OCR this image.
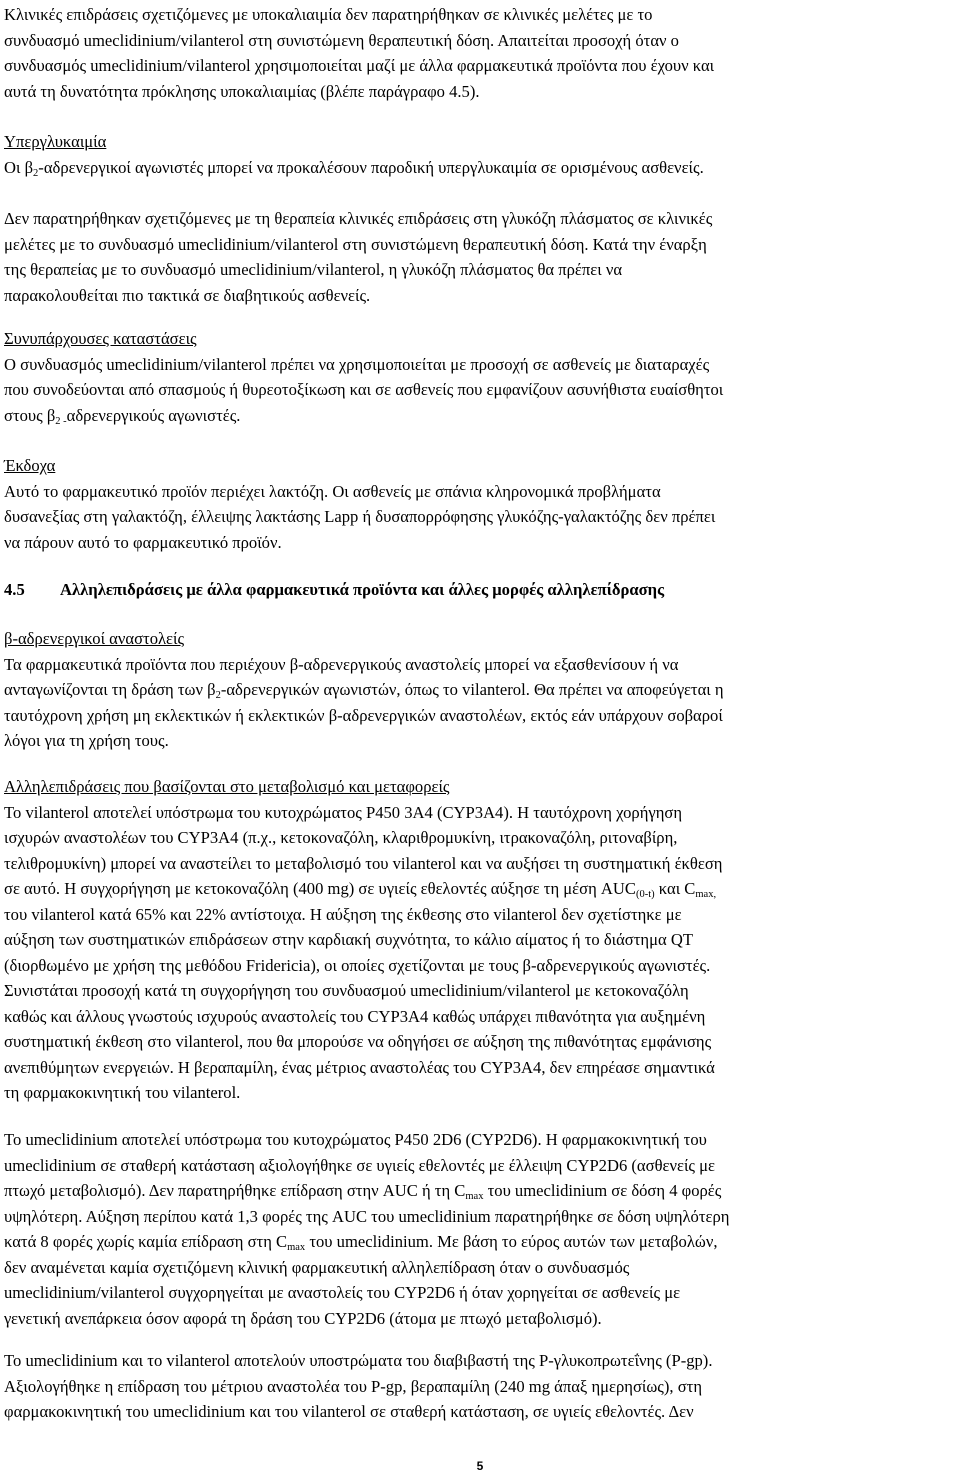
Κλινικές επιδράσεις σχετιζόμενες με υποκαλιαιμία δεν παρατηρήθηκαν σε κλινικές μελέτες με το

συνδυασμό umeclidinium/vilanterol στη συνιστώμενη θεραπευτική δόση. Απαιτείται προσοχή όταν ο

συνδυασμός umeclidinium/vilanterol χρησιμοποιείται μαζί με άλλα φαρμακευτικά προϊόντα που έχουν και

αυτά τη δυνατότητα πρόκλησης υποκαλιαιμίας (βλέπε παράγραφο 4.5).

Υπεργλυκαιμία

Οι $\beta_2$-αδρενεργικοί αγωνιστές μπορεί να προκαλέσουν παροδική υπεργλυκαιμία σε ορισμένους ασθενείς.

Δεν παρατηρήθηκαν σχετιζόμενες με τη θεραπεία κλινικές επιδράσεις στη γλυκόζη πλάσματος σε κλινικές

μελέτες με το συνδυασμό umeclidinium/vilanterol στη συνιστώμενη θεραπευτική δόση. Κατά την έναρξη

της θεραπείας με το συνδυασμό umeclidinium/vilanterol, η γλυκόζη πλάσματος θα πρέπει να

παρακολουθείται πιο τακτικά σε διαβητικούς ασθενείς.

Συνυπάρχουσες καταστάσεις

Ο συνδυασμός umeclidinium/vilanterol πρέπει να χρησιμοποιείται με προσοχή σε ασθενείς με διαταραχές

που συνοδεύονται από σπασμούς ή θυρεοτοξίκωση και σε ασθενείς που εμφανίζουν ασυνήθιστα ευαίσθητοι

στους $\beta_{2 -}\alpha\delta\rho\varepsilon\nu\varepsilon\rho\gamma\iota\kappa oύ\varsigma$ αγωνιστές.

Έκδοχα

Αυτό το φαρμακευτικό προϊόν περιέχει λακτόζη. Οι ασθενείς με σπάνια κληρονομικά προβλήματα

δυσανεξίας στη γαλακτόζη, έλλειψης λακτάσης Lapp ή δυσαπορρόφησης γλυκόζης-γαλακτόζης δεν πρέπει

να πάρουν αυτό το φαρμακευτικό προϊόν.

4.5 Αλληλεπιδράσεις με άλλα φαρμακευτικά προϊόντα και άλλες μορφές αλληλεπίδρασης

β-αδρενεργικοί αναστολείς

Τα φαρμακευτικά προϊόντα που περιέχουν β-αδρενεργικούς αναστολείς μπορεί να εξασθενίσουν ή να

ανταγωνίζονται τη δράση των $\beta_2$-αδρενεργικών αγωνιστών, όπως το vilanterol. Θα πρέπει να αποφεύγεται η

ταυτόχρονη χρήση μη εκλεκτικών ή εκλεκτικών β-αδρενεργικών αναστολέων, εκτός εάν υπάρχουν σοβαροί

λόγοι για τη χρήση τους.

Αλληλεπιδράσεις που βασίζονται στο μεταβολισμό και μεταφορείς

Το vilanterol αποτελεί υπόστρωμα του κυτοχρώματος P450 3A4 (CYP3A4). Η ταυτόχρονη χορήγηση

ισχυρών αναστολέων του CYP3A4 (π.χ., κετοκοναζόλη, κλαριθρομυκίνη, ιτρακοναζόλη, ριτοναβίρη,

τελιθρομυκίνη) μπορεί να αναστείλει το μεταβολισμό του vilanterol και να αυξήσει τη συστηματική έκθεση

σε αυτό. Η συγχορήγηση με κετοκοναζόλη (400 mg) σε υγιείς εθελοντές αύξησε τη μέση $AUC_{(0-t)}$ και $C_{max,}$

του vilanterol κατά 65% και 22% αντίστοιχα. Η αύξηση της έκθεσης στο vilanterol δεν σχετίστηκε με

αύξηση των συστηματικών επιδράσεων στην καρδιακή συχνότητα, το κάλιο αίματος ή το διάστημα QT

(διορθωμένο με χρήση της μεθόδου Fridericia), οι οποίες σχετίζονται με τους β-αδρενεργικούς αγωνιστές.

Συνιστάται προσοχή κατά τη συγχορήγηση του συνδυασμού umeclidinium/vilanterol με κετοκοναζόλη

καθώς και άλλους γνωστούς ισχυρούς αναστολείς του CYP3A4 καθώς υπάρχει πιθανότητα για αυξημένη

συστηματική έκθεση στο vilanterol, που θα μπορούσε να οδηγήσει σε αύξηση της πιθανότητας εμφάνισης

ανεπιθύμητων ενεργειών. Η βεραπαμίλη, ένας μέτριος αναστολέας του CYP3A4, δεν επηρέασε σημαντικά

τη φαρμακοκινητική του vilanterol.

Το umeclidinium αποτελεί υπόστρωμα του κυτοχρώματος P450 2D6 (CYP2D6). Η φαρμακοκινητική του

umeclidinium σε σταθερή κατάσταση αξιολογήθηκε σε υγιείς εθελοντές με έλλειψη CYP2D6 (ασθενείς με

πτωχό μεταβολισμό). Δεν παρατηρήθηκε επίδραση στην AUC ή τη $C_{max}$ του umeclidinium σε δόση 4 φορές

υψηλότερη. Αύξηση περίπου κατά 1,3 φορές της AUC του umeclidinium παρατηρήθηκε σε δόση υψηλότερη

κατά 8 φορές χωρίς καμία επίδραση στη $C_{max}$ του umeclidinium. Με βάση το εύρος αυτών των μεταβολών,

δεν αναμένεται καμία σχετιζόμενη κλινική φαρμακευτική αλληλεπίδραση όταν ο συνδυασμός

umeclidinium/vilanterol συγχορηγείται με αναστολείς του CYP2D6 ή όταν χορηγείται σε ασθενείς με

γενετική ανεπάρκεια όσον αφορά τη δράση του CYP2D6 (άτομα με πτωχό μεταβολισμό).

Το umeclidinium και το vilanterol αποτελούν υποστρώματα του διαβιβαστή της P-γλυκοπρωτεΐνης (P-gp).

Αξιολογήθηκε η επίδραση του μέτριου αναστολέα του P-gp, βεραπαμίλη (240 mg άπαξ ημερησίως), στη

φαρμακοκινητική του umeclidinium και του vilanterol σε σταθερή κατάσταση, σε υγιείς εθελοντές. Δεν

5
